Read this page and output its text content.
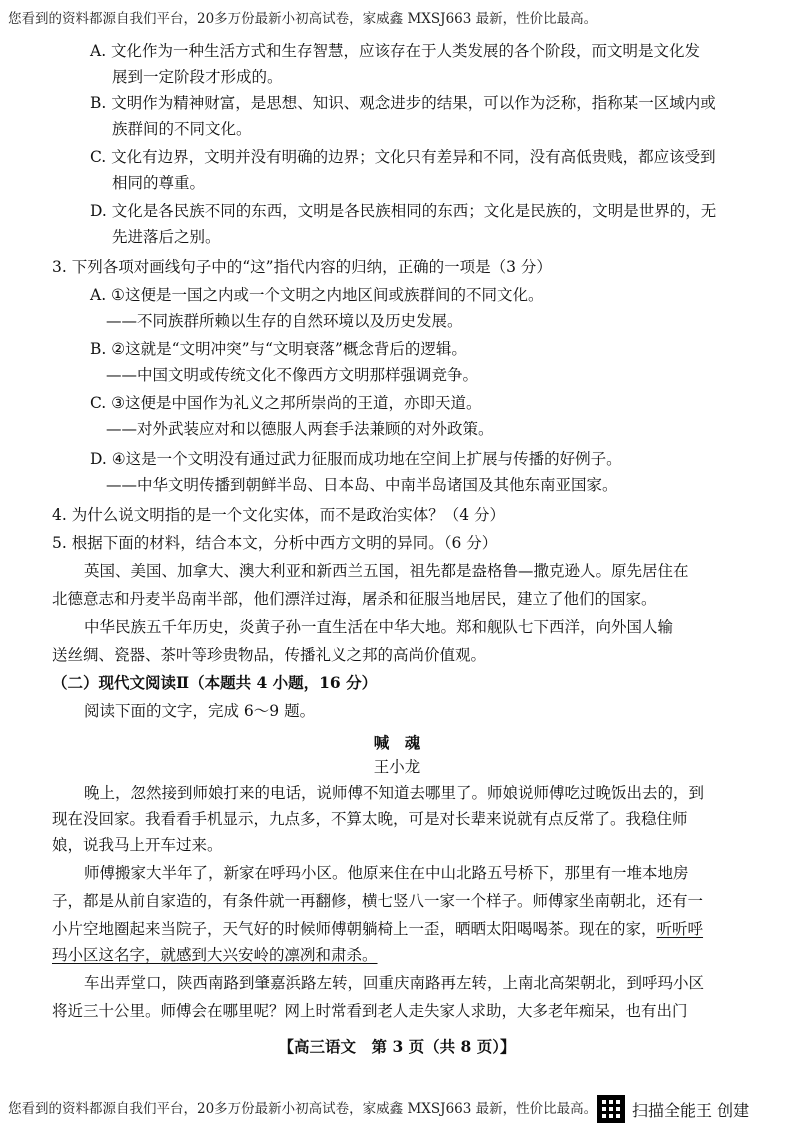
您看到的资料都源自我们平台，20多万份最新小初高试卷，家威鑫 MXSJ663 最新，性价比最高。
A. 文化作为一种生活方式和生存智慧，应该存在于人类发展的各个阶段，而文明是文化发
展到一定阶段才形成的。
B. 文明作为精神财富，是思想、知识、观念进步的结果，可以作为泛称，指称某一区域内或
族群间的不同文化。
C. 文化有边界，文明并没有明确的边界；文化只有差异和不同，没有高低贵贱，都应该受到
相同的尊重。
D. 文化是各民族不同的东西，文明是各民族相同的东西；文化是民族的，文明是世界的，无
先进落后之别。
3. 下列各项对画线句子中的“这”指代内容的归纳，正确的一项是（3 分）
A. ①这便是一国之内或一个文明之内地区间或族群间的不同文化。
——不同族群所赖以生存的自然环境以及历史发展。
B. ②这就是“文明冲突”与“文明衰落”概念背后的逻辑。
——中国文明或传统文化不像西方文明那样强调竞争。
C. ③这便是中国作为礼义之邦所崇尚的王道，亦即天道。
——对外武装应对和以德服人两套手法兼顾的对外政策。
D. ④这是一个文明没有通过武力征服而成功地在空间上扩展与传播的好例子。
——中华文明传播到朝鲜半岛、日本岛、中南半岛诸国及其他东南亚国家。
4. 为什么说文明指的是一个文化实体，而不是政治实体？（4 分）
5. 根据下面的材料，结合本文，分析中西方文明的异同。（6 分）
英国、美国、加拿大、澳大利亚和新西兰五国，祖先都是盎格鲁—撒克逊人。原先居住在
北德意志和丹麦半岛南半部，他们漂洋过海，屠杀和征服当地居民，建立了他们的国家。
中华民族五千年历史，炎黄子孙一直生活在中华大地。郑和舰队七下西洋，向外国人输
送丝绸、瓷器、茶叶等珍贵物品，传播礼义之邦的高尚价值观。
（二）现代文阅读Ⅱ（本题共 4 小题，16 分）
阅读下面的文字，完成 6～9 题。
喊　魂
王小龙
晚上，忽然接到师娘打来的电话，说师傅不知道去哪里了。师娘说师傅吃过晚饭出去的，到
现在没回家。我看看手机显示，九点多，不算太晚，可是对长辈来说就有点反常了。我稳住师
娘，说我马上开车过来。
师傅搬家大半年了，新家在呼玛小区。他原来住在中山北路五号桥下，那里有一堆本地房
子，都是从前自家造的，有条件就一再翻修，横七竖八一家一个样子。师傅家坐南朝北，还有一
小片空地圈起来当院子，天气好的时候师傅朝躺椅上一歪，晒晒太阳喝喝茶。现在的家，听听呼
玛小区这名字，就感到大兴安岭的凛冽和肃杀。
车出弄堂口，陕西南路到肇嘉浜路左转，回重庆南路再左转，上南北高架朝北，到呼玛小区
将近三十公里。师傅会在哪里呢？网上时常看到老人走失家人求助，大多老年痴呆，也有出门
【高三语文　第 3 页（共 8 页）】
您看到的资料都源自我们平台，20多万份最新小初高试卷，家威鑫 MXSJ663 最新，性价比最高。 扫描全能王 创建
